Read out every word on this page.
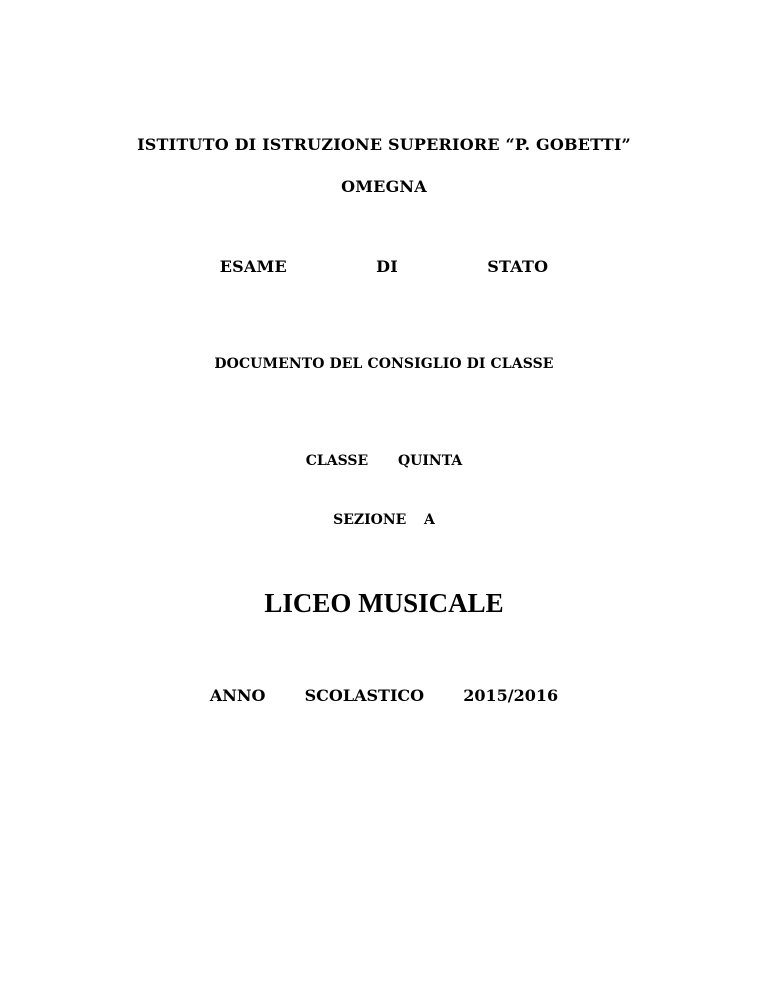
ISTITUTO DI ISTRUZIONE SUPERIORE “P. GOBETTI”
OMEGNA
ESAME   DI   STATO
DOCUMENTO DEL CONSIGLIO DI CLASSE
CLASSE  QUINTA
SEZIONE  A
LICEO MUSICALE
ANNO  SCOLASTICO  2015/2016
